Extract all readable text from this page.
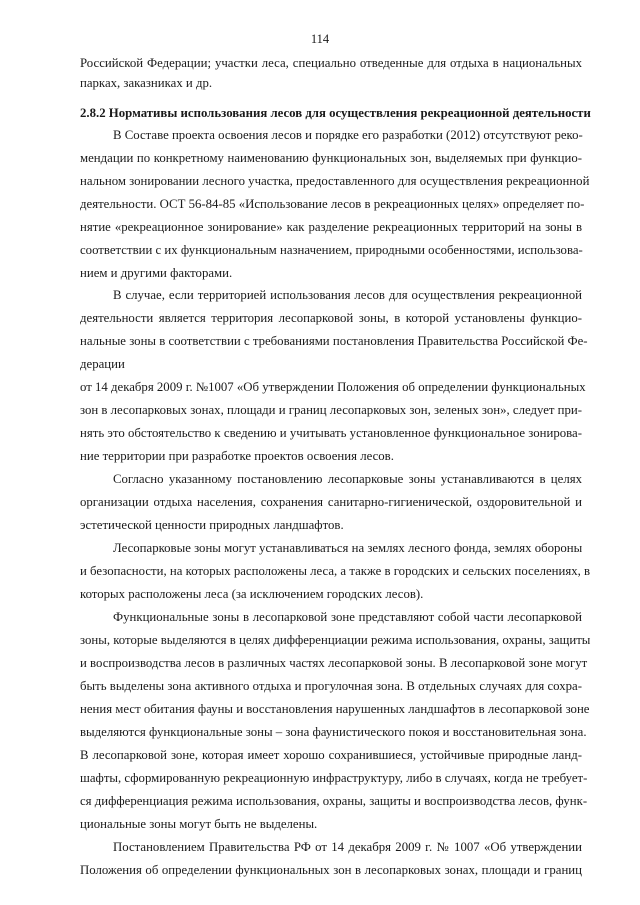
114
Российской Федерации; участки леса, специально отведенные для отдыха в национальных
парках, заказниках и др.
2.8.2 Нормативы использования лесов для осуществления рекреационной деятельности
В Составе проекта освоения лесов и порядке его разработки (2012) отсутствуют реко-
мендации по конкретному наименованию функциональных зон, выделяемых при функцио-
нальном зонировании лесного участка, предоставленного для осуществления рекреационной
деятельности. ОСТ 56-84-85 «Использование лесов в рекреационных целях» определяет по-
нятие «рекреационное зонирование» как разделение рекреационных территорий на зоны в
соответствии с их функциональным назначением, природными особенностями, использова-
нием и другими факторами.
В случае, если территорией использования лесов для осуществления рекреационной
деятельности является территория лесопарковой зоны, в которой установлены функцио-
нальные зоны в соответствии с требованиями постановления Правительства Российской Фе-
дерации
от 14 декабря 2009 г. №1007 «Об утверждении Положения об определении функциональных
зон в лесопарковых зонах, площади и границ лесопарковых зон, зеленых зон», следует при-
нять это обстоятельство к сведению и учитывать установленное функциональное зонирова-
ние территории при разработке проектов освоения лесов.
Согласно указанному постановлению лесопарковые зоны устанавливаются в целях
организации отдыха населения, сохранения санитарно-гигиенической, оздоровительной и
эстетической ценности природных ландшафтов.
Лесопарковые зоны могут устанавливаться на землях лесного фонда, землях обороны
и безопасности, на которых расположены леса, а также в городских и сельских поселениях, в
которых расположены леса (за исключением городских лесов).
Функциональные зоны в лесопарковой зоне представляют собой части лесопарковой
зоны, которые выделяются в целях дифференциации режима использования, охраны, защиты
и воспроизводства лесов в различных частях лесопарковой зоны. В лесопарковой зоне могут
быть выделены зона активного отдыха и прогулочная зона. В отдельных случаях для сохра-
нения мест обитания фауны и восстановления нарушенных ландшафтов в лесопарковой зоне
выделяются функциональные зоны – зона фаунистического покоя и восстановительная зона.
В лесопарковой зоне, которая имеет хорошо сохранившиеся, устойчивые природные ланд-
шафты, сформированную рекреационную инфраструктуру, либо в случаях, когда не требует-
ся дифференциация режима использования, охраны, защиты и воспроизводства лесов, функ-
циональные зоны могут быть не выделены.
Постановлением Правительства РФ от 14 декабря 2009 г. № 1007 «Об утверждении
Положения об определении функциональных зон в лесопарковых зонах, площади и границ
